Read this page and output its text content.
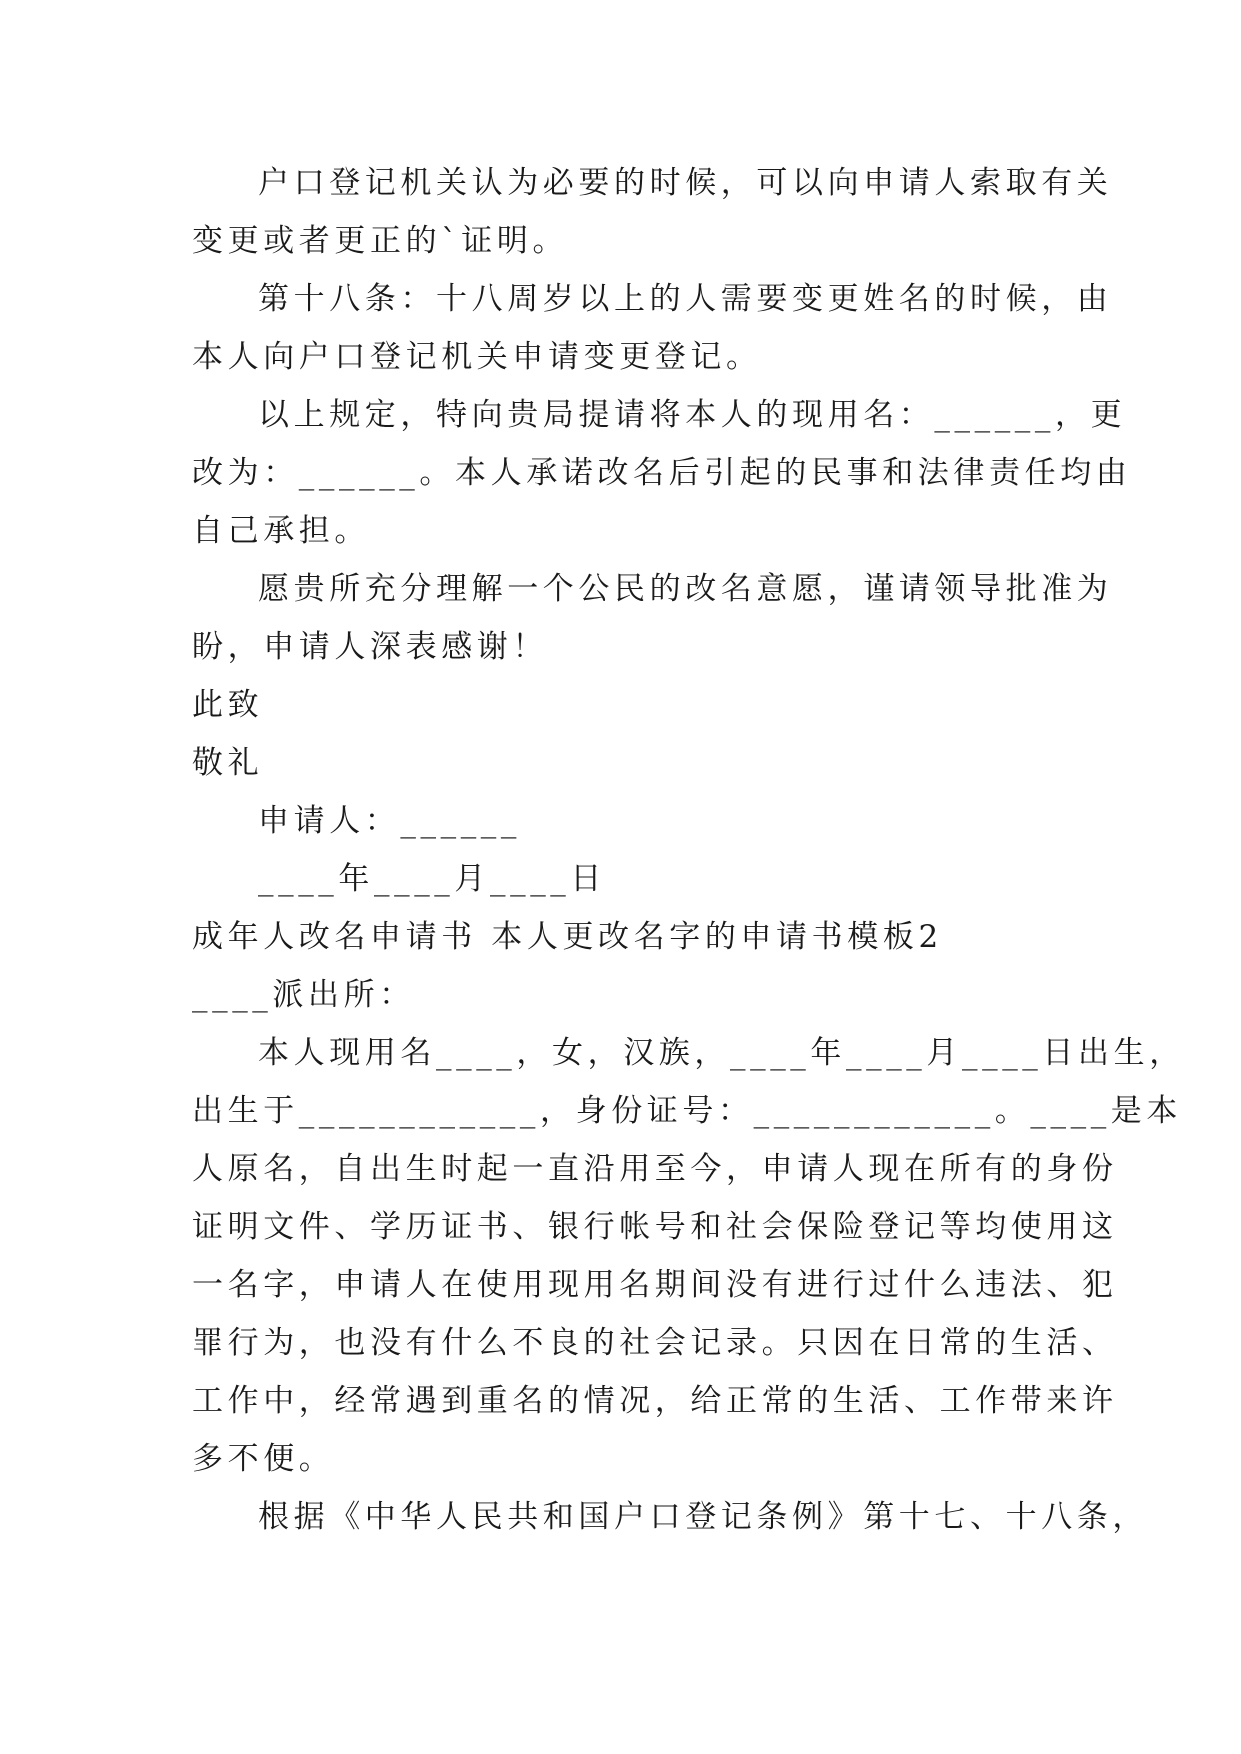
户口登记机关认为必要的时候，可以向申请人索取有关

变更或者更正的`证明。

第十八条：十八周岁以上的人需要变更姓名的时候，由

本人向户口登记机关申请变更登记。

以上规定，特向贵局提请将本人的现用名：______，更

改为：______。本人承诺改名后引起的民事和法律责任均由

自己承担。

愿贵所充分理解一个公民的改名意愿，谨请领导批准为

盼，申请人深表感谢！

此致

敬礼

申请人：______

____年____月____日

成年人改名申请书 本人更改名字的申请书模板2

____派出所：

本人现用名____，女，汉族，____年____月____日出生，

出生于____________，身份证号：____________。____是本

人原名，自出生时起一直沿用至今，申请人现在所有的身份

证明文件、学历证书、银行帐号和社会保险登记等均使用这

一名字，申请人在使用现用名期间没有进行过什么违法、犯

罪行为，也没有什么不良的社会记录。只因在日常的生活、

工作中，经常遇到重名的情况，给正常的生活、工作带来许

多不便。

根据《中华人民共和国户口登记条例》第十七、十八条，
